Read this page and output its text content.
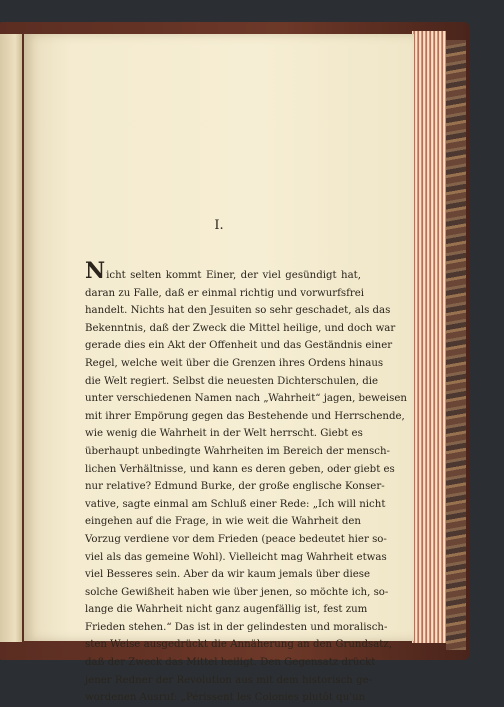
I.
Nicht selten kommt Einer, der viel gesündigt hat,
daran zu Falle, daß er einmal richtig und vorwurfsfrei
handelt. Nichts hat den Jesuiten so sehr geschadet, als das
Bekenntnis, daß der Zweck die Mittel heilige, und doch war
gerade dies ein Akt der Offenheit und das Geständnis einer
Regel, welche weit über die Grenzen ihres Ordens hinaus
die Welt regiert. Selbst die neuesten Dichterschulen, die
unter verschiedenen Namen nach „Wahrheit“ jagen, beweisen
mit ihrer Empörung gegen das Bestehende und Herrschende,
wie wenig die Wahrheit in der Welt herrscht. Giebt es
überhaupt unbedingte Wahrheiten im Bereich der mensch-
lichen Verhältnisse, und kann es deren geben, oder giebt es
nur relative? Edmund Burke, der große englische Konser-
vative, sagte einmal am Schluß einer Rede: „Ich will nicht
eingehen auf die Frage, in wie weit die Wahrheit den
Vorzug verdiene vor dem Frieden (peace bedeutet hier so-
viel als das gemeine Wohl). Vielleicht mag Wahrheit etwas
viel Besseres sein. Aber da wir kaum jemals über diese
solche Gewißheit haben wie über jenen, so möchte ich, so-
lange die Wahrheit nicht ganz augenfällig ist, fest zum
Frieden stehen.“ Das ist in der gelindesten und moralisch-
sten Weise ausgedrückt die Annäherung an den Grundsatz,
daß der Zweck das Mittel heiligt. Den Gegensatz drückt
jener Redner der Revolution aus mit dem historisch ge-
wordenen Ausruf: „Périssent les Colonies plutôt qu'un
